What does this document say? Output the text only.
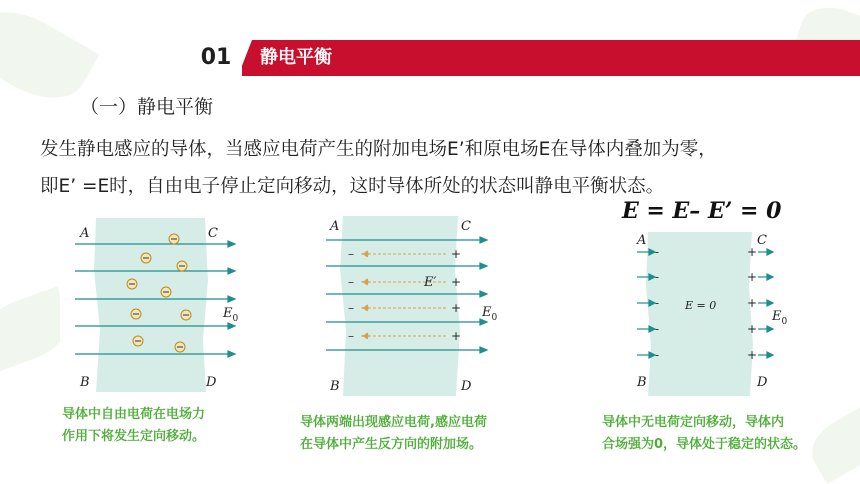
01	静电平衡
（一）静电平衡
发生静电感应的导体，当感应电荷产生的附加电场E’和原电场E在导体内叠加为零，
即E’ =E时，自由电子停止定向移动，这时导体所处的状态叫静电平衡状态。
E = E– E’ = 0
A	C
B	D
$E_0$
导体中自由电荷在电场力
作用下将发生定向移动。
–	+
–	+
–	+
–	+
A	C
B	D
E′
$E_0$
导体两端出现感应电荷,感应电荷
在导体中产生反方向的附加场。
-	+
-	+
-	+
-	+
-	+
E = 0
A	C
B	D
$E_0$
导体中无电荷定向移动，导体内
合场强为0，导体处于稳定的状态。
